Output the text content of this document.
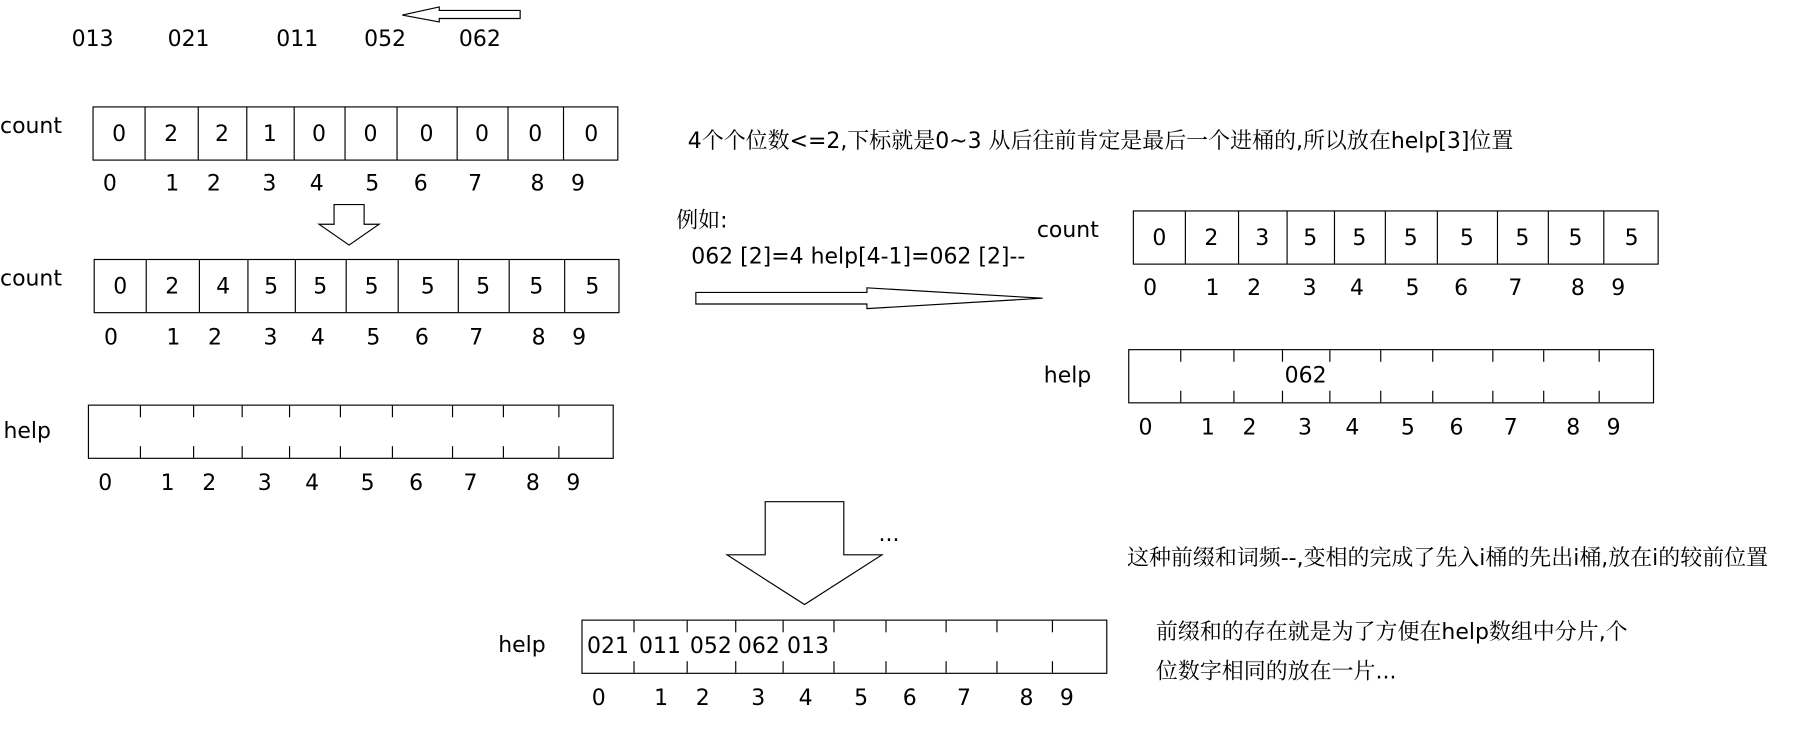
013	021	011 052	062
count	0	2	2	1	0	0	0	0	0	0
0	1 2 3 4 5 6 7	8 9
count	0	2	4	5	5	5	5	5	5	5
0	1 2 3 4 5 6 7	8 9
help
0	1 2 3 4 5 6 7	8 9
4个个位数<=2,下标就是0~3 从后往前肯定是最后一个进桶的,所以放在help[3]位置
例如:
062 [2]=4 help[4-1]=062 [2]--
count	0	2	3	5	5	5	5	5	5	5
0	1 2 3 4 5 6 7	8 9
help	062
0	1 2 3 4 5 6 7	8 9
...
这种前缀和词频--,变相的完成了先入i桶的先出i桶,放在i的较前位置
help 021 011 052 062 013
0	1 2 3 4 5 6 7	8 9
前缀和的存在就是为了方便在help数组中分片,个
位数字相同的放在一片...
